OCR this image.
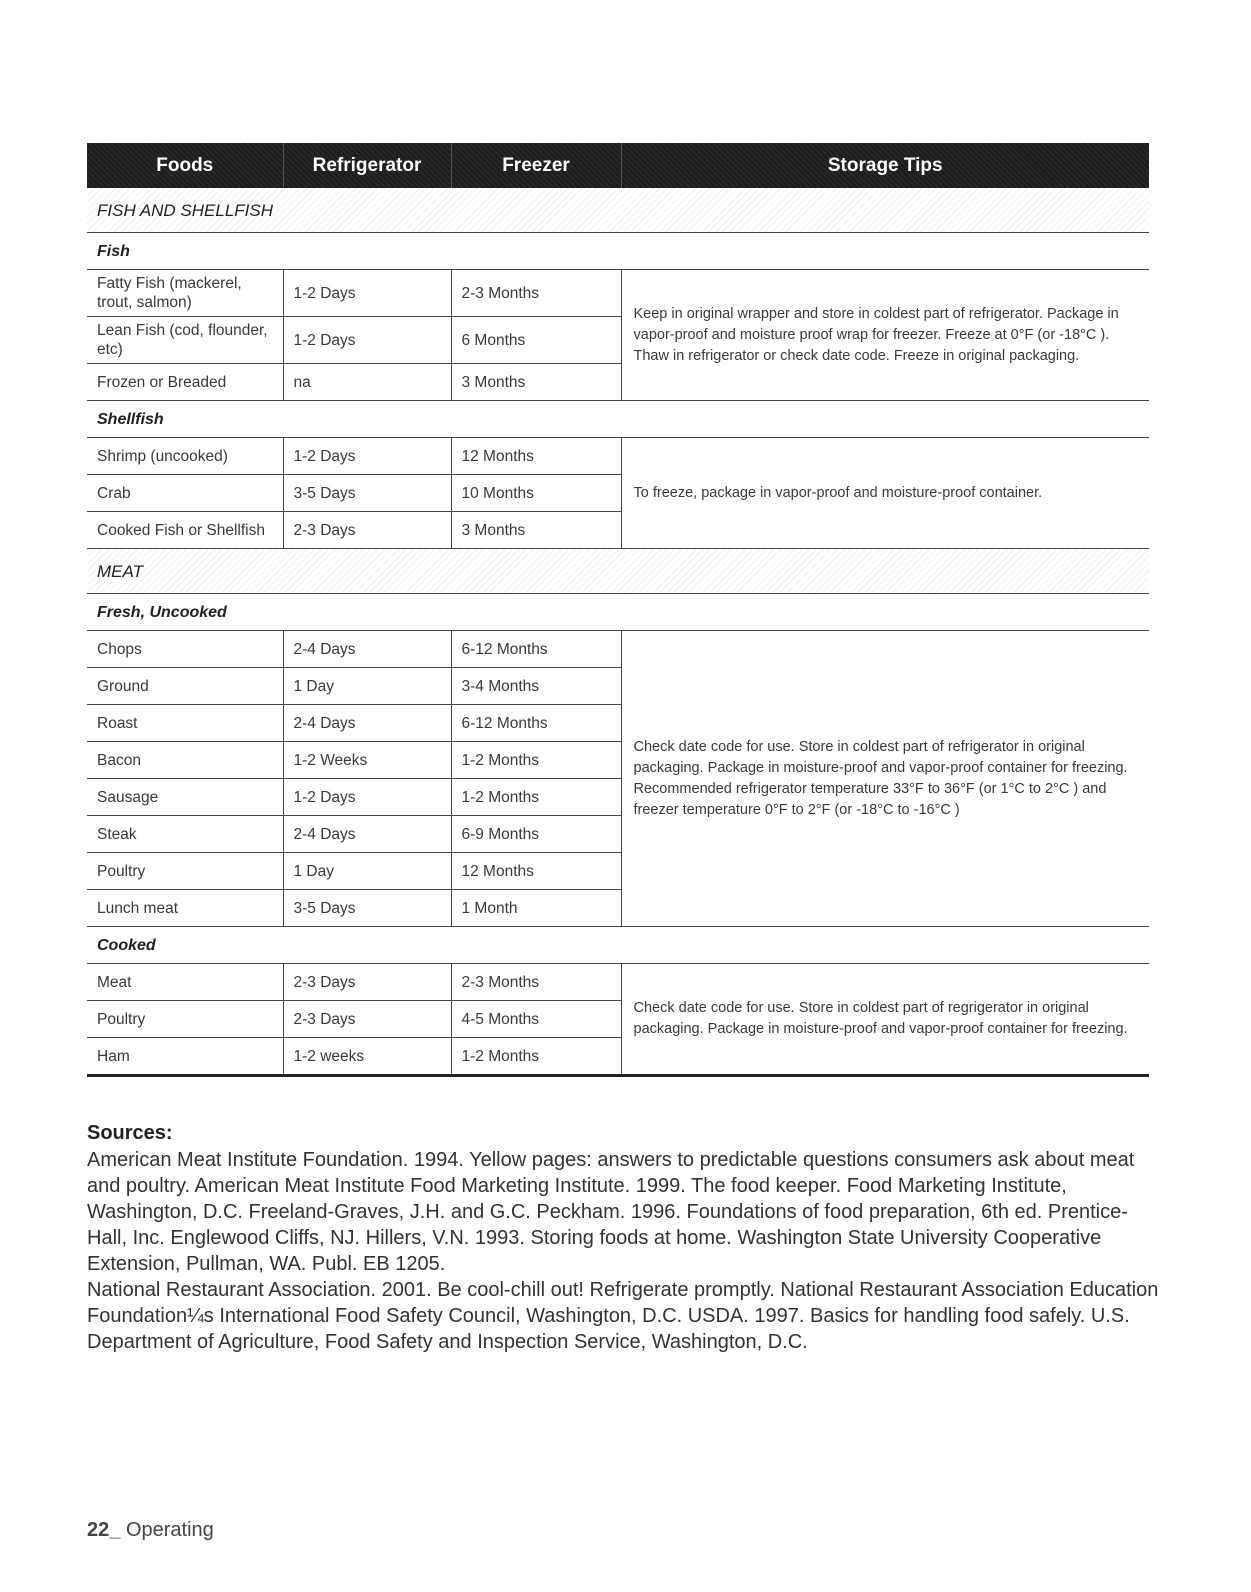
Foods	Refrigerator	Freezer	Storage Tips
FISH AND SHELLFISH			
Fish			
Fatty Fish (mackerel, trout, salmon)	1-2 Days	2-3 Months	Keep in original wrapper and store in coldest part of refrigerator. Package in vapor-proof and moisture proof wrap for freezer. Freeze at 0°F (or -18°C ). Thaw in refrigerator or check date code. Freeze in original packaging.
Lean Fish (cod, flounder, etc)	1-2 Days	6 Months	
Frozen or Breaded	na	3 Months	
Shellfish			
Shrimp (uncooked)	1-2 Days	12 Months	To freeze, package in vapor-proof and moisture-proof container.
Crab	3-5 Days	10 Months	
Cooked Fish or Shellfish	2-3 Days	3 Months	
MEAT			
Fresh, Uncooked			
Chops	2-4 Days	6-12 Months	Check date code for use. Store in coldest part of refrigerator in original packaging. Package in moisture-proof and vapor-proof container for freezing. Recommended refrigerator temperature 33°F to 36°F (or 1°C to 2°C ) and freezer temperature 0°F to 2°F (or -18°C to -16°C )
Ground	1 Day	3-4 Months	
Roast	2-4 Days	6-12 Months	
Bacon	1-2 Weeks	1-2 Months	
Sausage	1-2 Days	1-2 Months	
Steak	2-4 Days	6-9 Months	
Poultry	1 Day	12 Months	
Lunch meat	3-5 Days	1 Month	
Cooked			
Meat	2-3 Days	2-3 Months	Check date code for use. Store in coldest part of regrigerator in original packaging. Package in moisture-proof and vapor-proof container for freezing.
Poultry	2-3 Days	4-5 Months	
Ham	1-2 weeks	1-2 Months	
Sources:

American Meat Institute Foundation. 1994. Yellow pages: answers to predictable questions consumers ask about meat and poultry. American Meat Institute Food Marketing Institute. 1999. The food keeper. Food Marketing Institute, Washington, D.C. Freeland-Graves, J.H. and G.C. Peckham. 1996. Foundations of food preparation, 6th ed. Prentice-Hall, Inc. Englewood Cliffs, NJ. Hillers, V.N. 1993. Storing foods at home. Washington State University Cooperative Extension, Pullman, WA. Publ. EB 1205.

National Restaurant Association. 2001. Be cool-chill out! Refrigerate promptly. National Restaurant Association Education Foundation¼s International Food Safety Council, Washington, D.C. USDA. 1997. Basics for handling food safely. U.S. Department of Agriculture, Food Safety and Inspection Service, Washington, D.C.

22_ Operating
